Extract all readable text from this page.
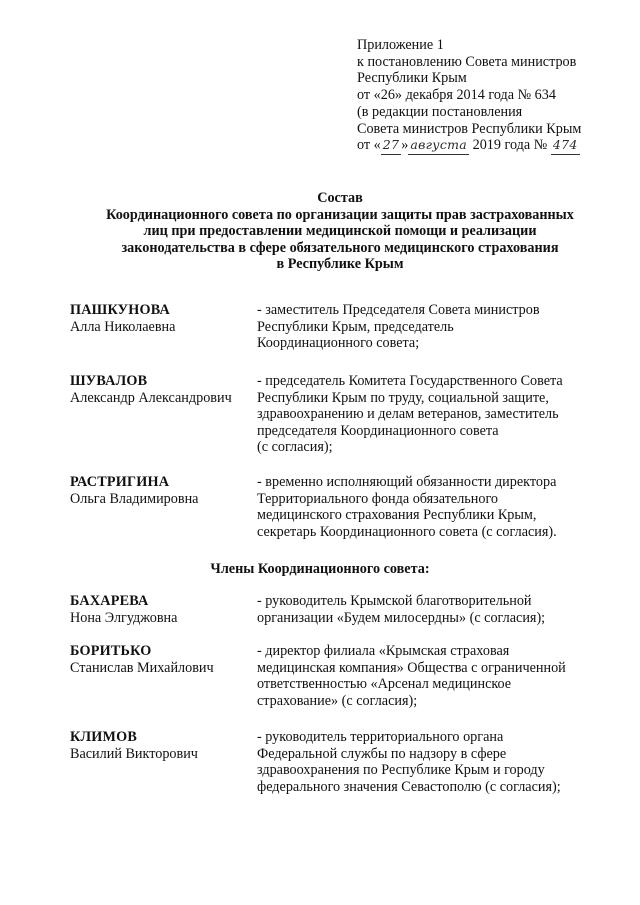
Приложение 1
к постановлению Совета министров
Республики Крым
от «26» декабря 2014 года № 634
(в редакции постановления
Совета министров Республики Крым
от « 27 » августа 2019 года № 474
Состав
Координационного совета по организации защиты прав застрахованных
лиц при предоставлении медицинской помощи и реализации
законодательства в сфере обязательного медицинского страхования
в Республике Крым
ПАШКУНОВА
Алла Николаевна
- заместитель Председателя Совета министров
Республики Крым, председатель
Координационного совета;
ШУВАЛОВ
Александр Александрович
- председатель Комитета Государственного Совета
Республики Крым по труду, социальной защите,
здравоохранению и делам ветеранов, заместитель
председателя Координационного совета
(с согласия);
РАСТРИГИНА
Ольга Владимировна
- временно исполняющий обязанности директора
Территориального фонда обязательного
медицинского страхования Республики Крым,
секретарь Координационного совета (с согласия).
Члены Координационного совета:
БАХАРЕВА
Нона Элгуджовна
- руководитель Крымской благотворительной
организации «Будем милосердны» (с согласия);
БОРИТЬКО
Станислав Михайлович
- директор филиала «Крымская страховая
медицинская компания» Общества с ограниченной
ответственностью «Арсенал медицинское
страхование» (с согласия);
КЛИМОВ
Василий Викторович
- руководитель территориального органа
Федеральной службы по надзору в сфере
здравоохранения по Республике Крым и городу
федерального значения Севастополю (с согласия);
